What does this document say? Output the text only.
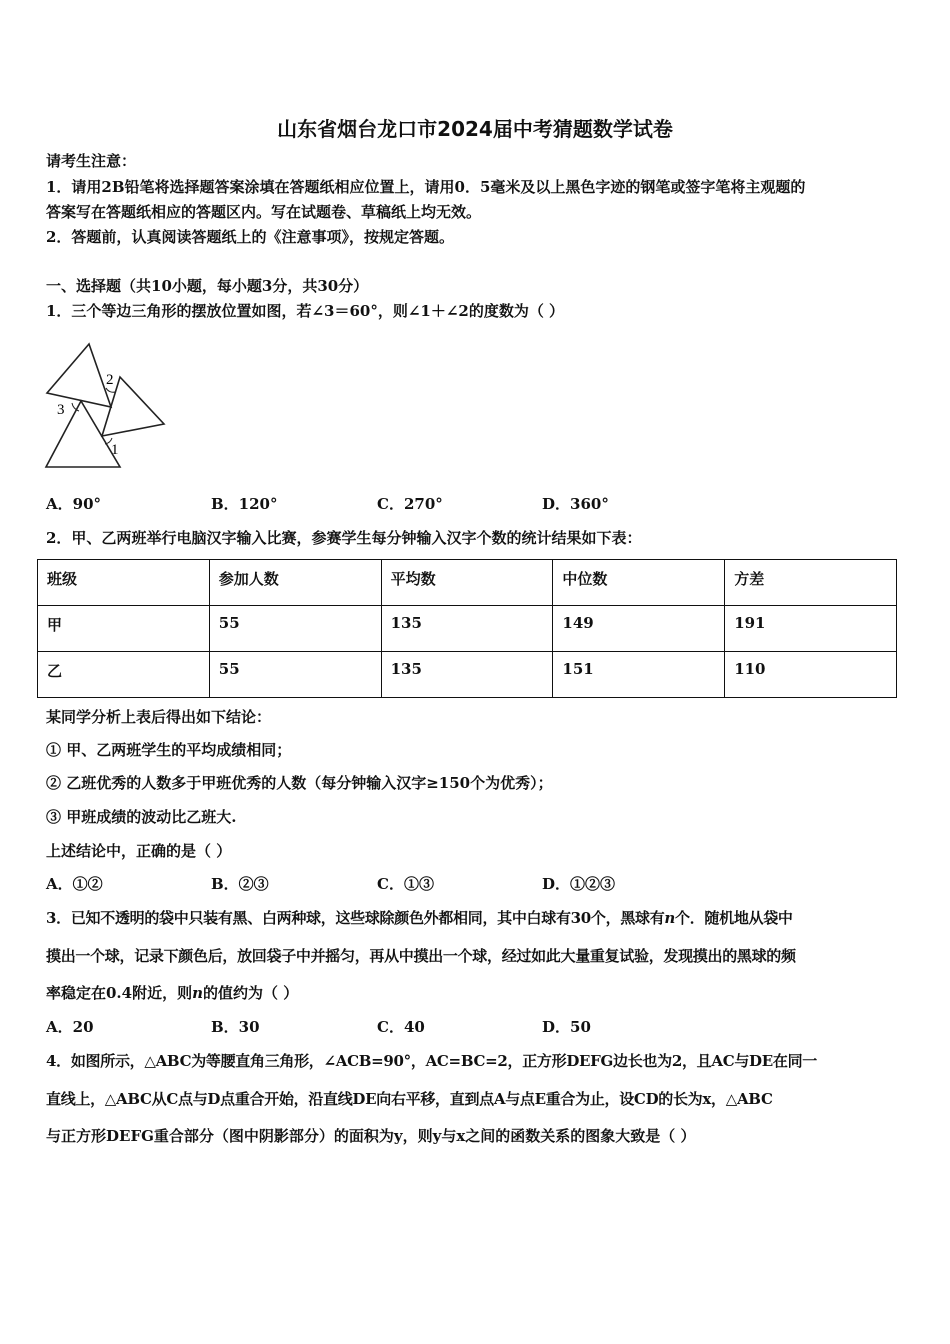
山东省烟台龙口市2024届中考猜题数学试卷
请考生注意：
1．请用2B铅笔将选择题答案涂填在答题纸相应位置上，请用0．5毫米及以上黑色字迹的钢笔或签字笔将主观题的
答案写在答题纸相应的答题区内。写在试题卷、草稿纸上均无效。
2．答题前，认真阅读答题纸上的《注意事项》，按规定答题。
一、选择题（共10小题，每小题3分，共30分）
1．三个等边三角形的摆放位置如图，若∠3＝60°，则∠1＋∠2的度数为（ ）
2
3
1
A．90°	B．120°	C．270°	D．360°
2．甲、乙两班举行电脑汉字输入比赛，参赛学生每分钟输入汉字个数的统计结果如下表：
班级	参加人数	平均数	中位数	方差
甲	55	135	149	191
乙	55	135	151	110
某同学分析上表后得出如下结论：
① 甲、乙两班学生的平均成绩相同；
② 乙班优秀的人数多于甲班优秀的人数（每分钟输入汉字≥150个为优秀）；
③ 甲班成绩的波动比乙班大.
上述结论中，正确的是（ ）
A．①②	B．②③	C．①③	D．①②③
3．已知不透明的袋中只装有黑、白两种球，这些球除颜色外都相同，其中白球有30个，黑球有n个．随机地从袋中
摸出一个球，记录下颜色后，放回袋子中并摇匀，再从中摸出一个球，经过如此大量重复试验，发现摸出的黑球的频
率稳定在0.4附近，则n的值约为（ ）
A．20	B．30	C．40	D．50
4．如图所示，△ABC为等腰直角三角形，∠ACB=90°，AC=BC=2，正方形DEFG边长也为2，且AC与DE在同一
直线上，△ABC从C点与D点重合开始，沿直线DE向右平移，直到点A与点E重合为止，设CD的长为x，△ABC
与正方形DEFG重合部分（图中阴影部分）的面积为y，则y与x之间的函数关系的图象大致是（ ）
